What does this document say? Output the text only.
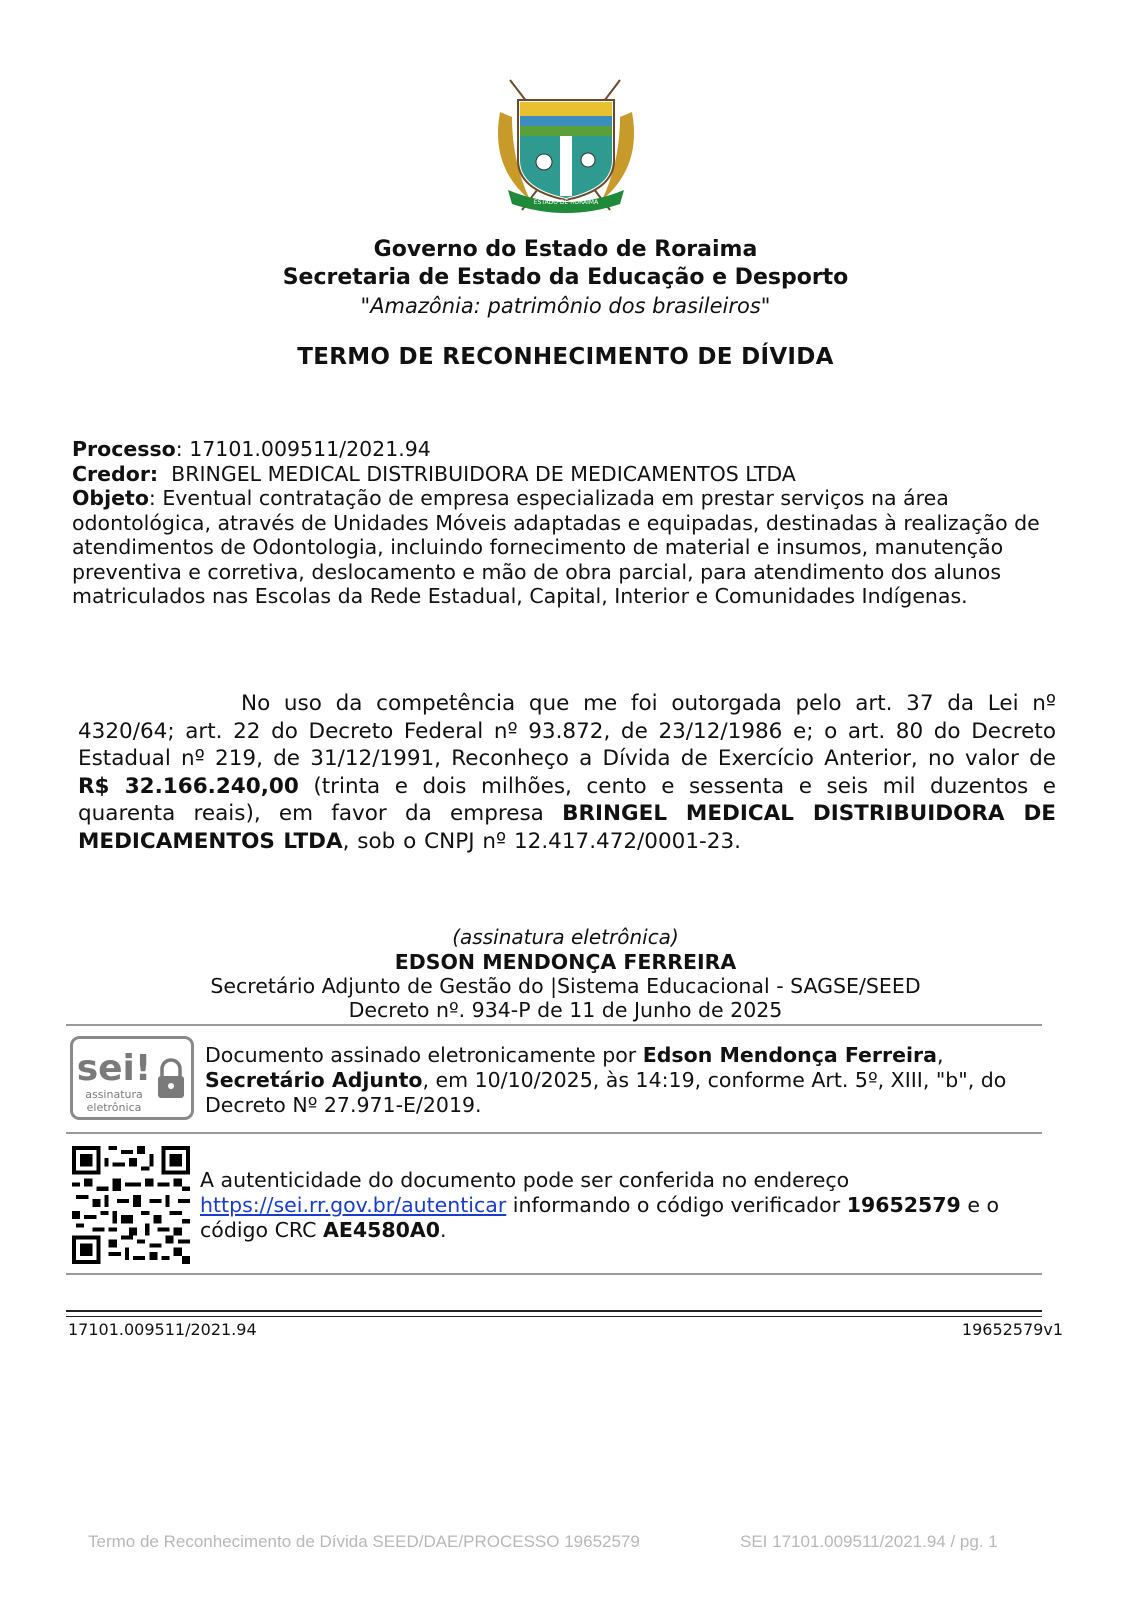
ESTADO DE RORAIMA
Governo do Estado de Roraima
Secretaria de Estado da Educação e Desporto
"Amazônia: patrimônio dos brasileiros"
TERMO DE RECONHECIMENTO DE DÍVIDA

Processo: 17101.009511/2021.94

Credor:  BRINGEL MEDICAL DISTRIBUIDORA DE MEDICAMENTOS LTDA

Objeto: Eventual contratação de empresa especializada em prestar serviços na área odontológica, através de Unidades Móveis adaptadas e equipadas, destinadas à realização de atendimentos de Odontologia, incluindo fornecimento de material e insumos, manutenção preventiva e corretiva, deslocamento e mão de obra parcial, para atendimento dos alunos matriculados nas Escolas da Rede Estadual, Capital, Interior e Comunidades Indígenas.

No uso da competência que me foi outorgada pelo art. 37 da Lei nº 4320/64; art. 22 do Decreto Federal nº 93.872, de 23/12/1986 e; o art. 80 do Decreto Estadual nº 219, de 31/12/1991, Reconheço a Dívida de Exercício Anterior, no valor de R$ 32.166.240,00 (trinta e dois milhões, cento e sessenta e seis mil duzentos e quarenta reais), em favor da empresa BRINGEL MEDICAL DISTRIBUIDORA DE MEDICAMENTOS LTDA, sob o CNPJ nº 12.417.472/0001-23.
(assinatura eletrônica)
EDSON MENDONÇA FERREIRA
Secretário Adjunto de Gestão do |Sistema Educacional - SAGSE/SEED
Decreto nº. 934-P de 11 de Junho de 2025
sei!
assinatura
eletrônica
Documento assinado eletronicamente por Edson Mendonça Ferreira, Secretário Adjunto, em 10/10/2025, às 14:19, conforme Art. 5º, XIII, "b", do Decreto Nº 27.971-E/2019.
A autenticidade do documento pode ser conferida no endereço https://sei.rr.gov.br/autenticar informando o código verificador 19652579 e o código CRC AE4580A0.
17101.009511/2021.94	19652579v1
Termo de Reconhecimento de Dívida SEED/DAE/PROCESSO 19652579	SEI 17101.009511/2021.94 / pg. 1
